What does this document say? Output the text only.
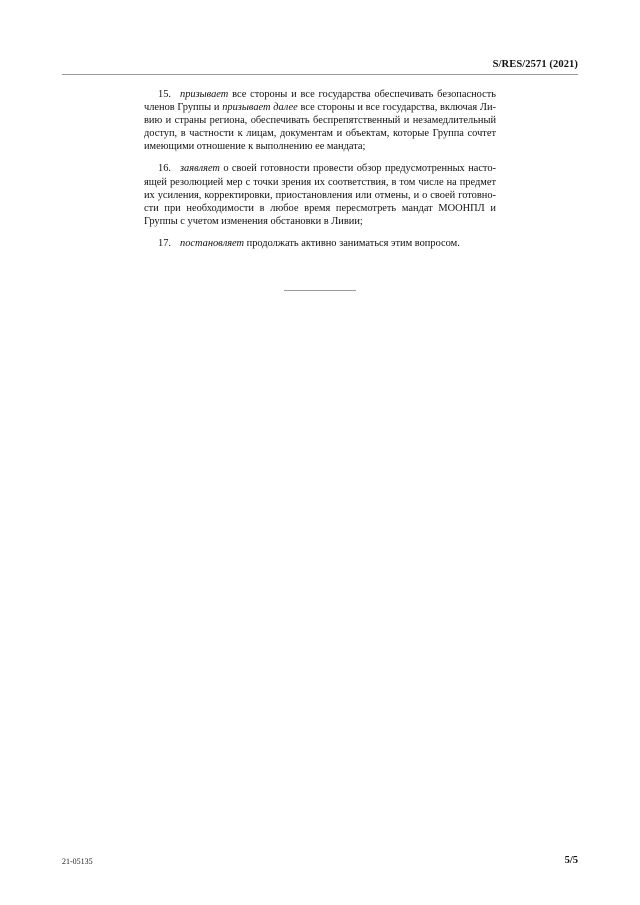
S/RES/2571 (2021)

15. призывает все стороны и все государства обеспечивать безопасность членов Группы и призывает далее все стороны и все государства, включая Ливию и страны региона, обеспечивать беспрепятственный и незамедлительный доступ, в частности к лицам, документам и объектам, которые Группа сочтет имеющими отношение к выполнению ее мандата;

16. заявляет о своей готовности провести обзор предусмотренных настоящей резолюцией мер с точки зрения их соответствия, в том числе на предмет их усиления, корректировки, приостановления или отмены, и о своей готовности при необходимости в любое время пересмотреть мандат МООНПЛ и Группы с учетом изменения обстановки в Ливии;

17. постановляет продолжать активно заниматься этим вопросом.

21-05135	5/5
